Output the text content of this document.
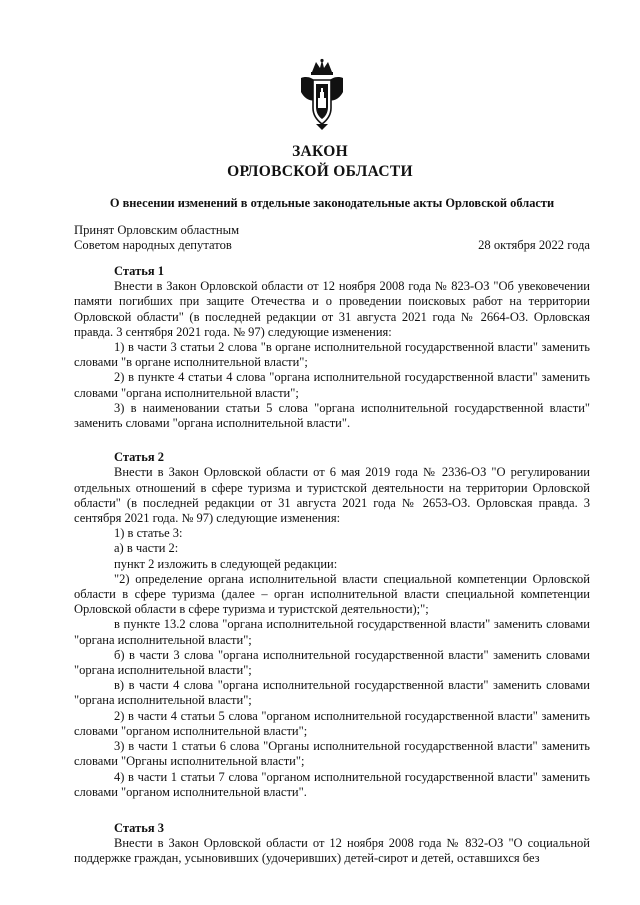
ЗАКОН
ОРЛОВСКОЙ ОБЛАСТИ
О внесении изменений в отдельные законодательные акты Орловской области
Принят Орловским областным
Советом народных депутатов	28 октября 2022 года
Статья 1

Внести в Закон Орловской области от 12 ноября 2008 года № 823-ОЗ "Об увековечении памяти погибших при защите Отечества и о проведении поисковых работ на территории Орловской области" (в последней редакции от 31 августа 2021 года № 2664-ОЗ. Орловская правда. 3 сентября 2021 года. № 97) следующие изменения:

1) в части 3 статьи 2 слова "в органе исполнительной государственной власти" заменить словами "в органе исполнительной власти";

2) в пункте 4 статьи 4 слова "органа исполнительной государственной власти" заменить словами "органа исполнительной власти";

3) в наименовании статьи 5 слова "органа исполнительной государственной власти" заменить словами "органа исполнительной власти".

Статья 2

Внести в Закон Орловской области от 6 мая 2019 года № 2336-ОЗ "О регулировании отдельных отношений в сфере туризма и туристской деятельности на территории Орловской области" (в последней редакции от 31 августа 2021 года № 2653-ОЗ. Орловская правда. 3 сентября 2021 года. № 97) следующие изменения:

1) в статье 3:

а) в части 2:

пункт 2 изложить в следующей редакции:

"2) определение органа исполнительной власти специальной компетенции Орловской области в сфере туризма (далее – орган исполнительной власти специальной компетенции Орловской области в сфере туризма и туристской деятельности);";

в пункте 13.2 слова "органа исполнительной государственной власти" заменить словами "органа исполнительной власти";

б) в части 3 слова "органа исполнительной государственной власти" заменить словами "органа исполнительной власти";

в) в части 4 слова "органа исполнительной государственной власти" заменить словами "органа исполнительной власти";

2) в части 4 статьи 5 слова "органом исполнительной государственной власти" заменить словами "органом исполнительной власти";

3) в части 1 статьи 6 слова "Органы исполнительной государственной власти" заменить словами "Органы исполнительной власти";

4) в части 1 статьи 7 слова "органом исполнительной государственной власти" заменить словами "органом исполнительной власти".

Статья 3

Внести в Закон Орловской области от 12 ноября 2008 года № 832-ОЗ "О социальной поддержке граждан, усыновивших (удочеривших) детей-сирот и детей, оставшихся без
